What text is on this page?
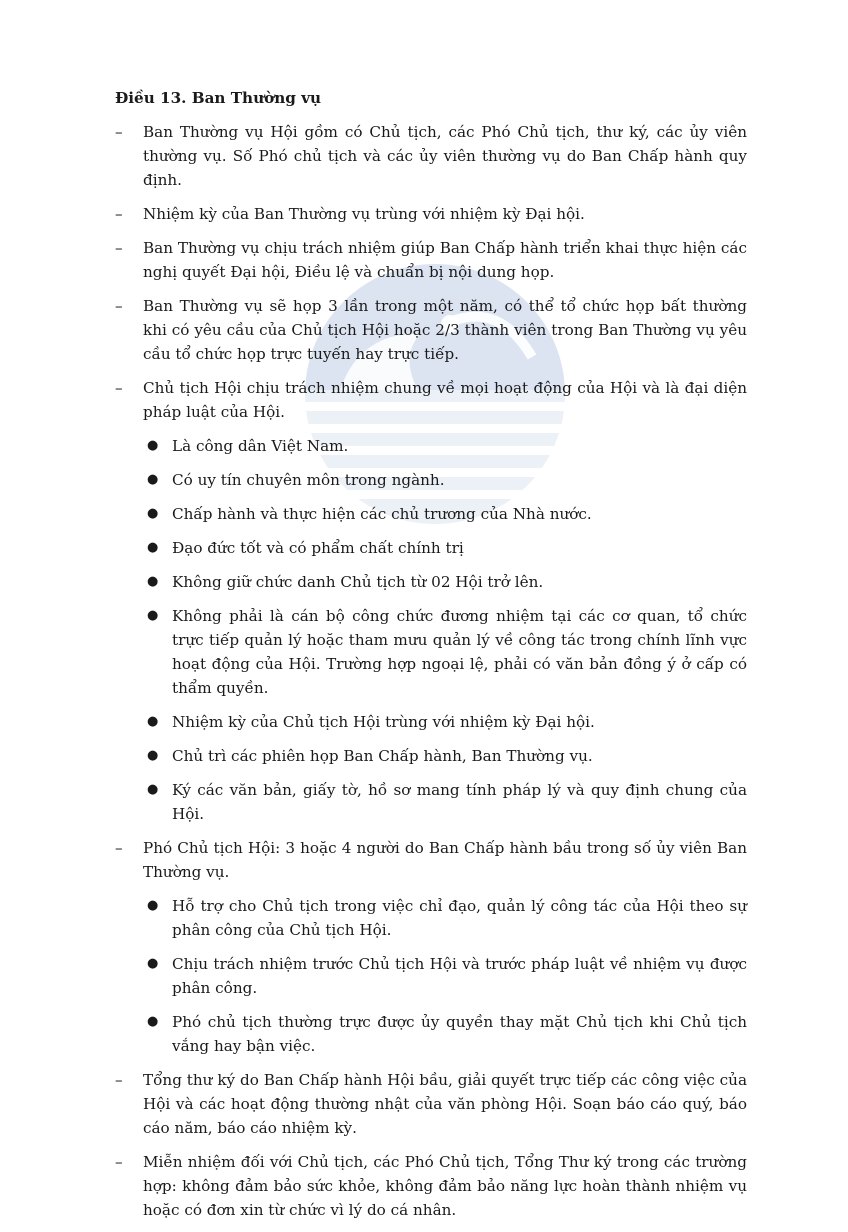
Điều 13. Ban Thường vụ
– Ban Thường vụ Hội gồm có Chủ tịch, các Phó Chủ tịch, thư ký, các ủy viên thường vụ. Số Phó chủ tịch và các ủy viên thường vụ do Ban Chấp hành quy định.
– Nhiệm kỳ của Ban Thường vụ trùng với nhiệm kỳ Đại hội.
– Ban Thường vụ chịu trách nhiệm giúp Ban Chấp hành triển khai thực hiện các nghị quyết Đại hội, Điều lệ và chuẩn bị nội dung họp.
– Ban Thường vụ sẽ họp 3 lần trong một năm, có thể tổ chức họp bất thường khi có yêu cầu của Chủ tịch Hội hoặc 2/3 thành viên trong Ban Thường vụ yêu cầu tổ chức họp trực tuyến hay trực tiếp.
– Chủ tịch Hội chịu trách nhiệm chung về mọi hoạt động của Hội và là đại diện pháp luật của Hội.
● Là công dân Việt Nam.
● Có uy tín chuyên môn trong ngành.
● Chấp hành và thực hiện các chủ trương của Nhà nước.
● Đạo đức tốt và có phẩm chất chính trị
● Không giữ chức danh Chủ tịch từ 02 Hội trở lên.
● Không phải là cán bộ công chức đương nhiệm tại các cơ quan, tổ chức trực tiếp quản lý hoặc tham mưu quản lý về công tác trong chính lĩnh vực hoạt động của Hội. Trường hợp ngoại lệ, phải có văn bản đồng ý ở cấp có thẩm quyền.
● Nhiệm kỳ của Chủ tịch Hội trùng với nhiệm kỳ Đại hội.
● Chủ trì các phiên họp Ban Chấp hành, Ban Thường vụ.
● Ký các văn bản, giấy tờ, hồ sơ mang tính pháp lý và quy định chung của Hội.
– Phó Chủ tịch Hội: 3 hoặc 4 người do Ban Chấp hành bầu trong số ủy viên Ban Thường vụ.
● Hỗ trợ cho Chủ tịch trong việc chỉ đạo, quản lý công tác của Hội theo sự phân công của Chủ tịch Hội.
● Chịu trách nhiệm trước Chủ tịch Hội và trước pháp luật về nhiệm vụ được phân công.
● Phó chủ tịch thường trực được ủy quyền thay mặt Chủ tịch khi Chủ tịch vắng hay bận việc.
– Tổng thư ký do Ban Chấp hành Hội bầu, giải quyết trực tiếp các công việc của Hội và các hoạt động thường nhật của văn phòng Hội. Soạn báo cáo quý, báo cáo năm, báo cáo nhiệm kỳ.
– Miễn nhiệm đối với Chủ tịch, các Phó Chủ tịch, Tổng Thư ký trong các trường hợp: không đảm bảo sức khỏe, không đảm bảo năng lực hoàn thành nhiệm vụ hoặc có đơn xin từ chức vì lý do cá nhân.
